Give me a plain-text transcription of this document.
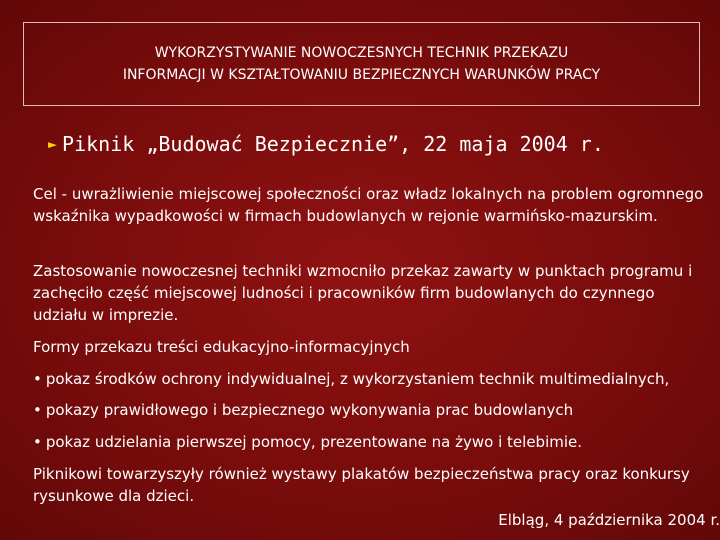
WYKORZYSTYWANIE NOWOCZESNYCH TECHNIK PRZEKAZU
INFORMACJI W KSZTAŁTOWANIU BEZPIECZNYCH WARUNKÓW PRACY
► Piknik „Budować Bezpiecznie”, 22 maja 2004 r.

Cel - uwrażliwienie miejscowej społeczności oraz władz lokalnych na problem ogromnego wskaźnika wypadkowości w firmach budowlanych w rejonie warmińsko-mazurskim.

Zastosowanie nowoczesnej techniki wzmocniło przekaz zawarty w punktach programu i zachęciło część miejscowej ludności i pracowników firm budowlanych do czynnego udziału w imprezie.

Formy przekazu treści edukacyjno-informacyjnych

• pokaz środków ochrony indywidualnej, z wykorzystaniem technik multimedialnych,

• pokazy prawidłowego i bezpiecznego wykonywania prac budowlanych

• pokaz udzielania pierwszej pomocy, prezentowane na żywo i telebimie.

Piknikowi towarzyszyły również wystawy plakatów bezpieczeństwa pracy oraz konkursy rysunkowe dla dzieci.

Elbląg, 4 października 2004 r.
